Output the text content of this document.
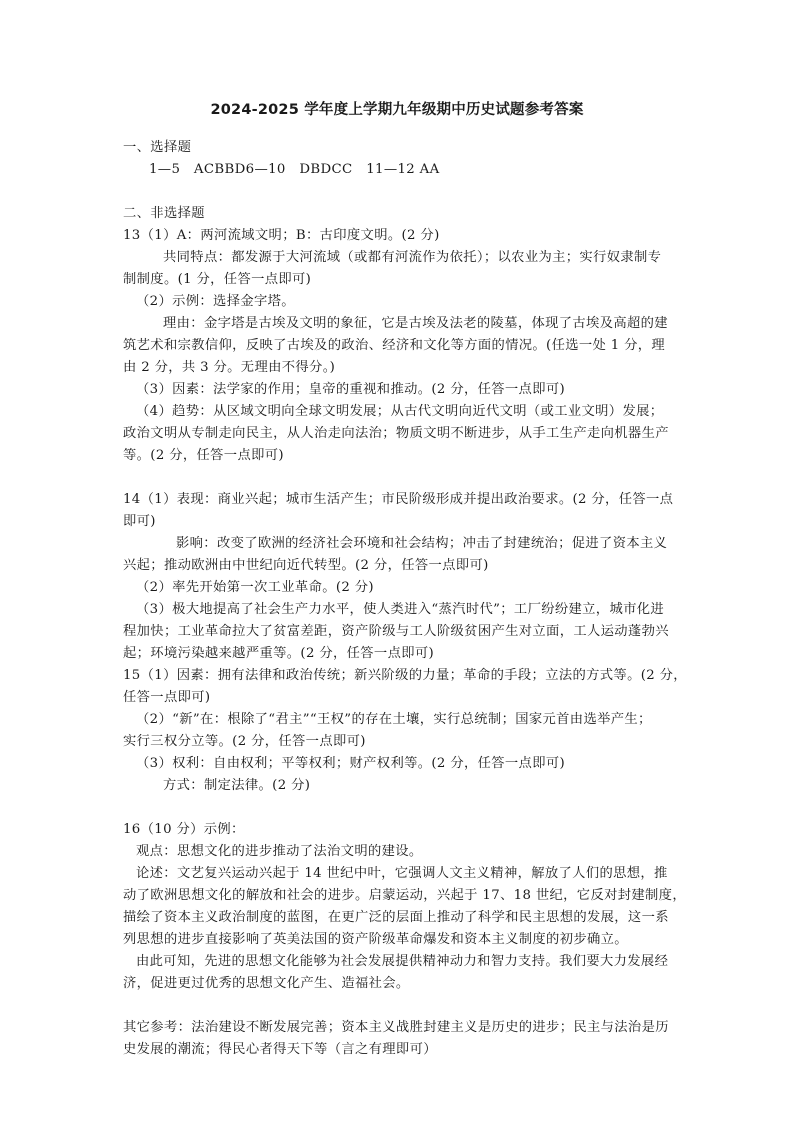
2024-2025 学年度上学期九年级期中历史试题参考答案
一、选择题
1—5　ACBBD6—10　DBDCC　11—12 AA
二、非选择题
13（1）A：两河流域文明；B：古印度文明。(2 分)
共同特点：都发源于大河流域（或都有河流作为依托）；以农业为主；实行奴隶制专
制制度。(1 分，任答一点即可)
（2）示例：选择金字塔。
理由：金字塔是古埃及文明的象征，它是古埃及法老的陵墓，体现了古埃及高超的建
筑艺术和宗教信仰，反映了古埃及的政治、经济和文化等方面的情况。(任选一处 1 分，理
由 2 分，共 3 分。无理由不得分。)
（3）因素：法学家的作用；皇帝的重视和推动。(2 分，任答一点即可)
（4）趋势：从区域文明向全球文明发展；从古代文明向近代文明（或工业文明）发展；
政治文明从专制走向民主，从人治走向法治；物质文明不断进步，从手工生产走向机器生产
等。(2 分，任答一点即可)
14（1）表现：商业兴起；城市生活产生；市民阶级形成并提出政治要求。(2 分，任答一点
即可)
影响：改变了欧洲的经济社会环境和社会结构；冲击了封建统治；促进了资本主义
兴起；推动欧洲由中世纪向近代转型。(2 分，任答一点即可)
（2）率先开始第一次工业革命。(2 分)
（3）极大地提高了社会生产力水平，使人类进入“蒸汽时代”；工厂纷纷建立，城市化进
程加快；工业革命拉大了贫富差距，资产阶级与工人阶级贫困产生对立面，工人运动蓬勃兴
起；环境污染越来越严重等。(2 分，任答一点即可)
15（1）因素：拥有法律和政治传统；新兴阶级的力量；革命的手段；立法的方式等。(2 分，
任答一点即可)
（2）“新”在：根除了“君主”“王权”的存在土壤，实行总统制；国家元首由选举产生；
实行三权分立等。(2 分，任答一点即可)
（3）权利：自由权利；平等权利；财产权利等。(2 分，任答一点即可)
方式：制定法律。(2 分)
16（10 分）示例：
观点：思想文化的进步推动了法治文明的建设。
论述：文艺复兴运动兴起于 14 世纪中叶，它强调人文主义精神，解放了人们的思想，推
动了欧洲思想文化的解放和社会的进步。启蒙运动，兴起于 17、18 世纪，它反对封建制度，
描绘了资本主义政治制度的蓝图，在更广泛的层面上推动了科学和民主思想的发展，这一系
列思想的进步直接影响了英美法国的资产阶级革命爆发和资本主义制度的初步确立。
由此可知，先进的思想文化能够为社会发展提供精神动力和智力支持。我们要大力发展经
济，促进更过优秀的思想文化产生、造福社会。
其它参考：法治建设不断发展完善；资本主义战胜封建主义是历史的进步；民主与法治是历
史发展的潮流；得民心者得天下等（言之有理即可）
